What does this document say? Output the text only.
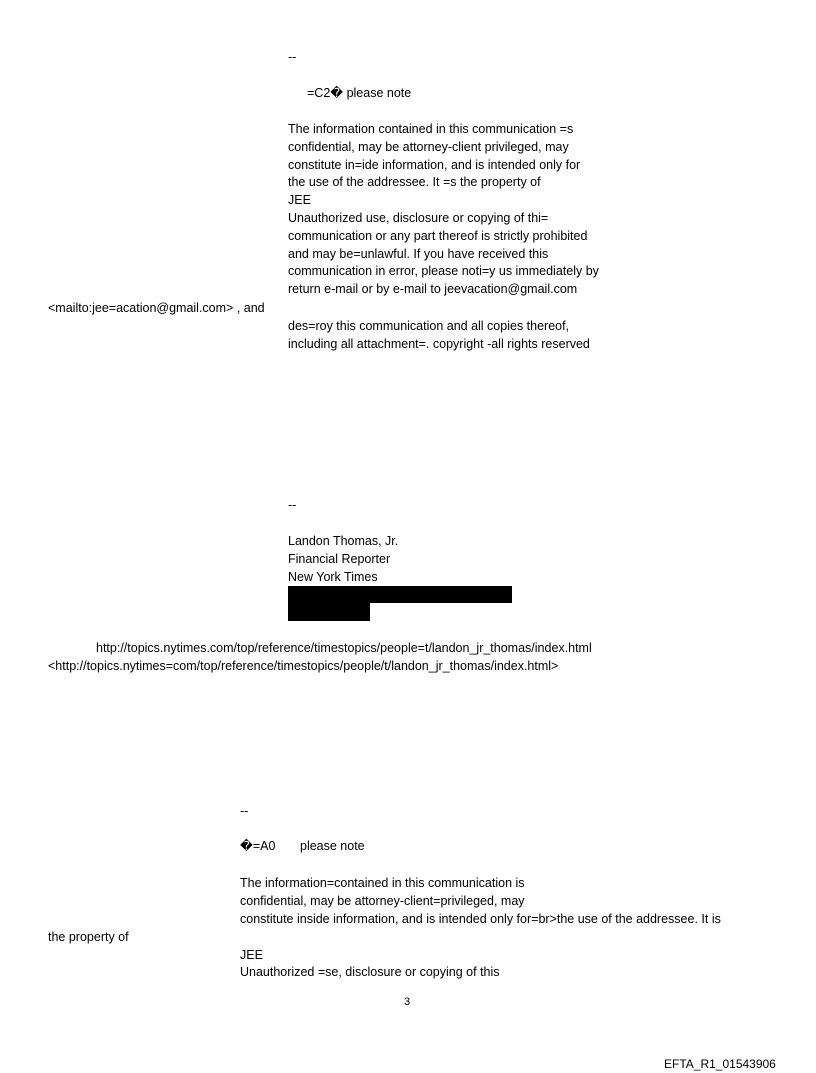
--
=C2� please note
The information contained in this communication =s
confidential, may be attorney-client privileged, may
constitute in=ide information, and is intended only for
the use of the addressee. It =s the property of
JEE
Unauthorized use, disclosure or copying of thi=
communication or any part thereof is strictly prohibited
and may be=unlawful. If you have received this
communication in error, please noti=y us immediately by
return e-mail or by e-mail to jeevacation@gmail.com
<mailto:jee=acation@gmail.com> , and
des=roy this communication and all copies thereof,
including all attachment=. copyright -all rights reserved
--
Landon Thomas, Jr.
Financial Reporter
New York Times
http://topics.nytimes.com/top/reference/timestopics/people=t/landon_jr_thomas/index.html
<http://topics.nytimes=com/top/reference/timestopics/people/t/landon_jr_thomas/index.html>
--
�=A0 please note
The information=contained in this communication is
confidential, may be attorney-client=privileged, may
constitute inside information, and is intended only for=br>the use of the addressee. It is
the property of
JEE
Unauthorized =se, disclosure or copying of this
3
EFTA_R1_01543906
